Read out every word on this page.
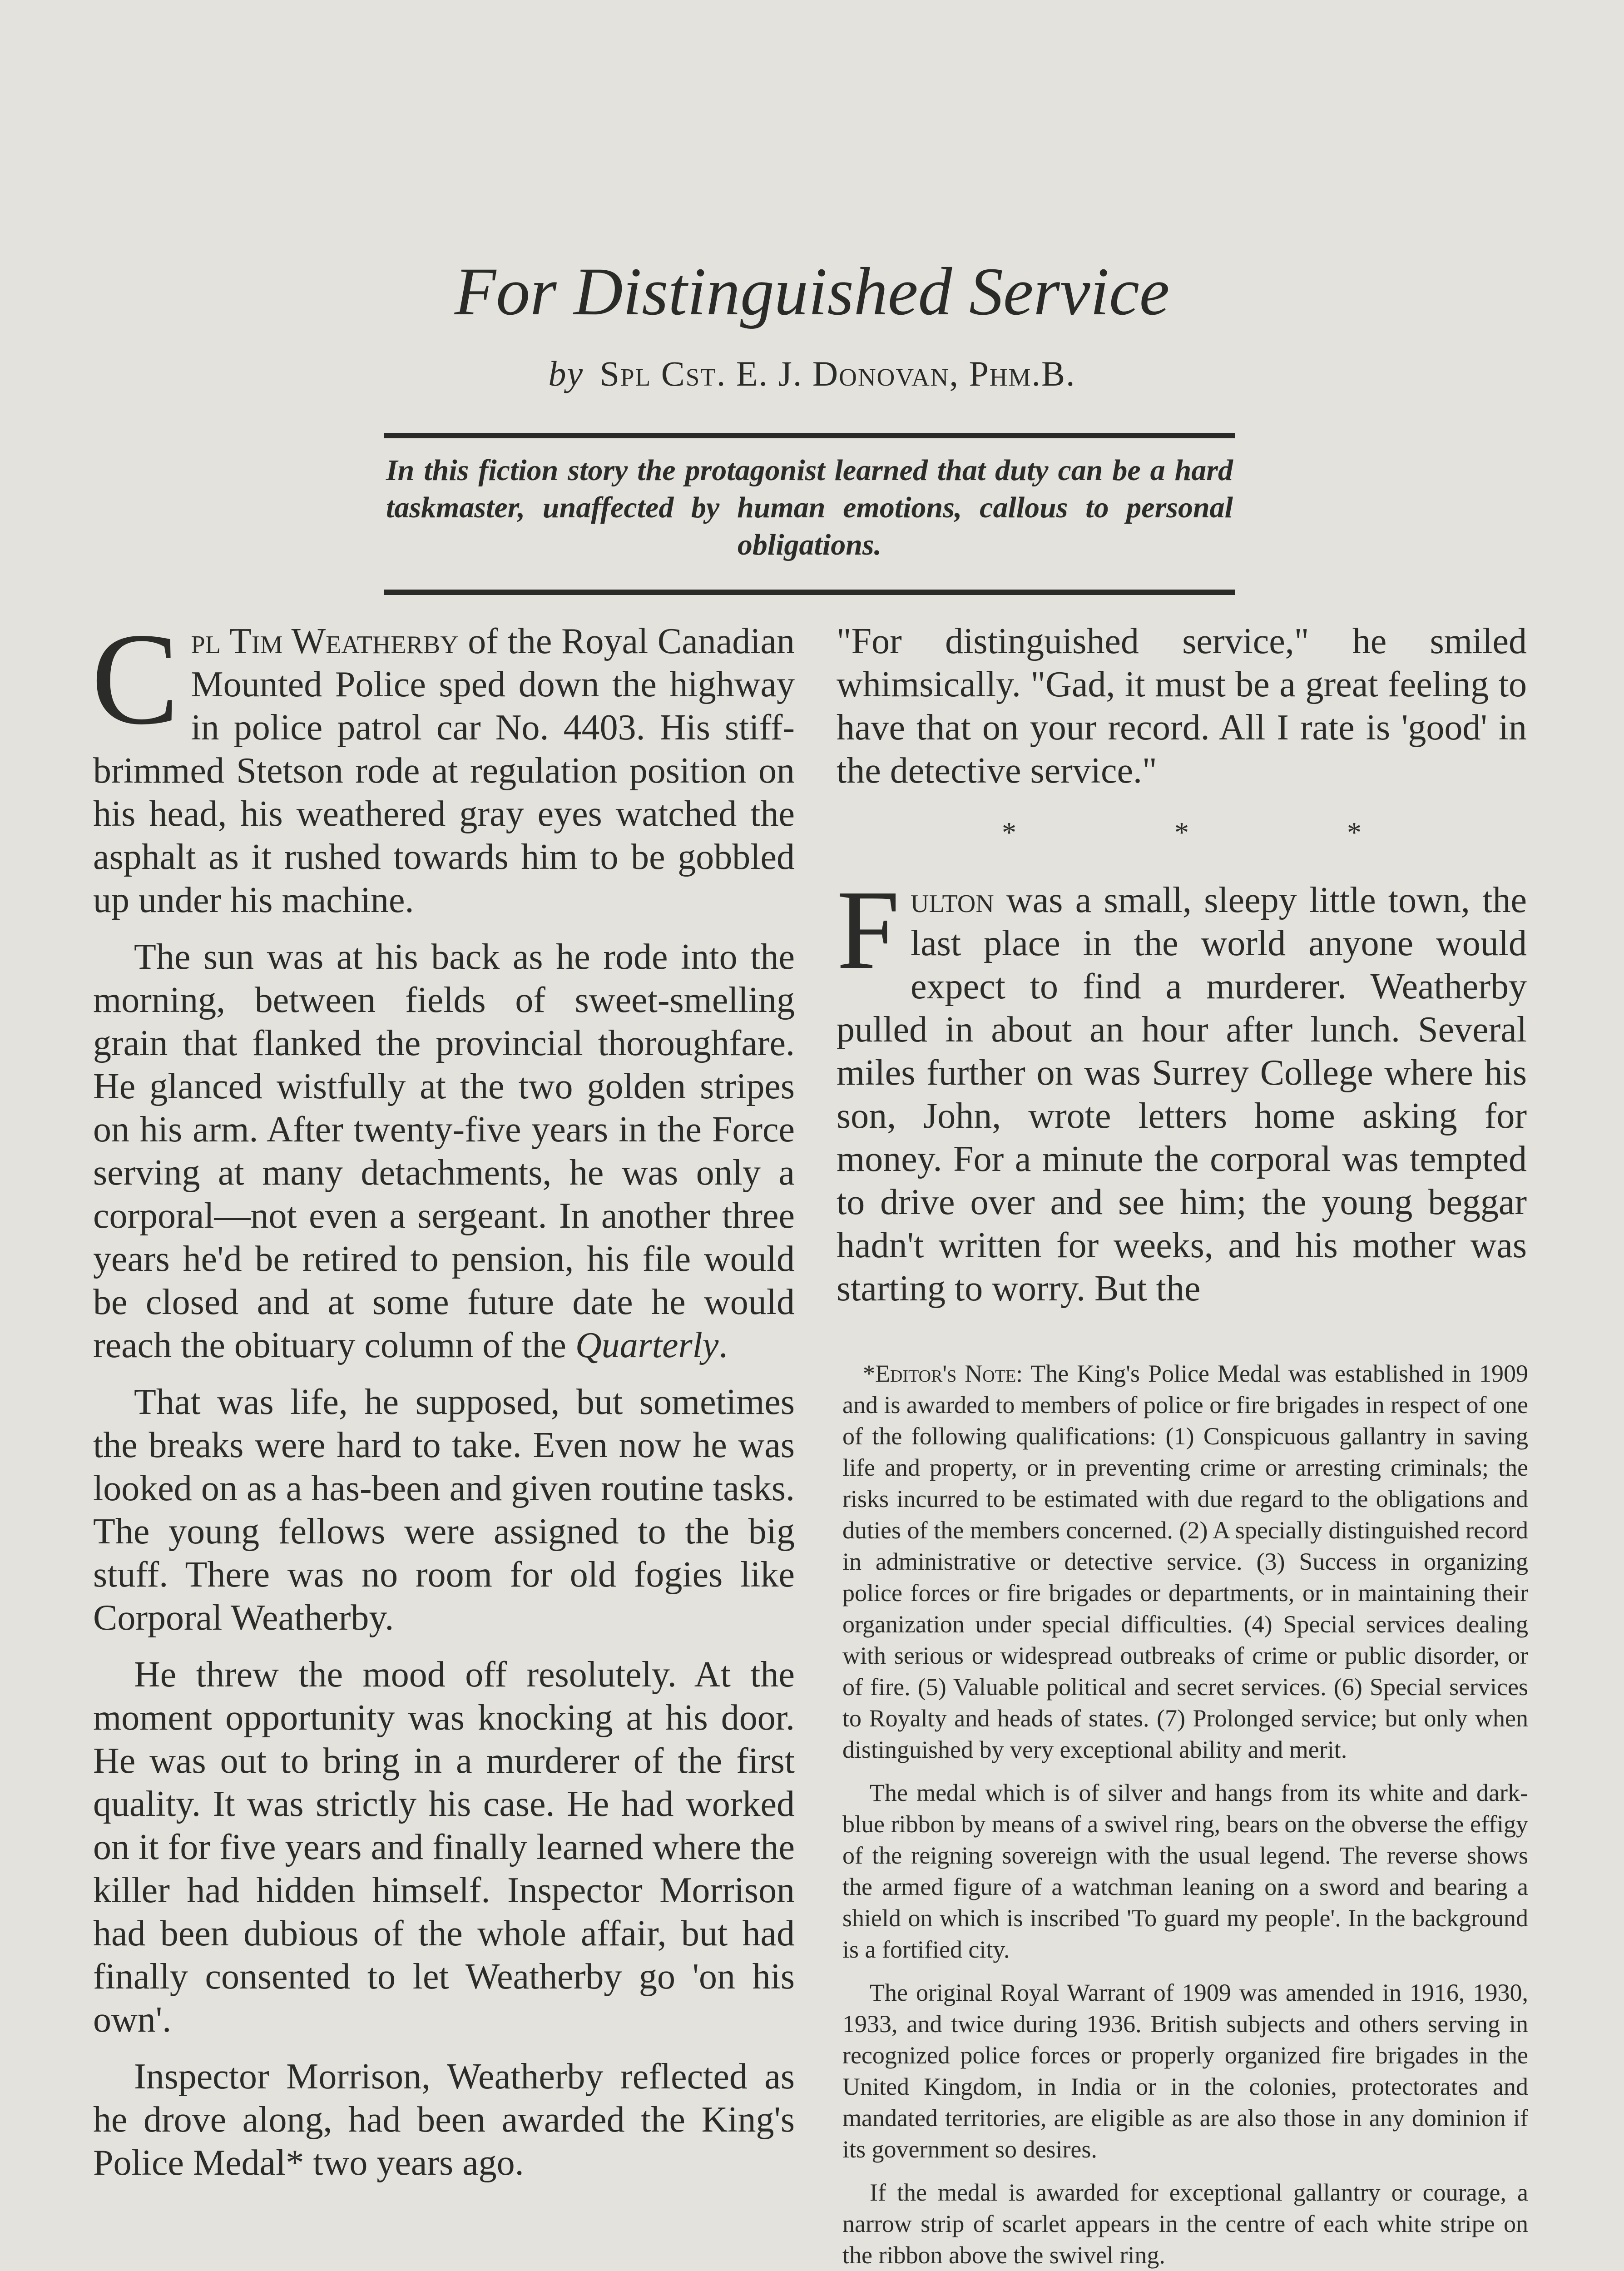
For Distinguished Service
by Spl Cst. E. J. Donovan, Phm.B.
In this fiction story the protagonist learned that duty can be a hard taskmaster, unaffected by human emotions, callous to personal obligations.

Cpl Tim Weatherby of the Royal Canadian Mounted Police sped down the highway in police patrol car No. 4403. His stiff-brimmed Stetson rode at regulation position on his head, his weathered gray eyes watched the asphalt as it rushed towards him to be gobbled up under his machine.

The sun was at his back as he rode into the morning, between fields of sweet-smelling grain that flanked the provincial thoroughfare. He glanced wistfully at the two golden stripes on his arm. After twenty-five years in the Force serving at many detachments, he was only a corporal—not even a sergeant. In another three years he'd be retired to pension, his file would be closed and at some future date he would reach the obituary column of the Quarterly.

That was life, he supposed, but sometimes the breaks were hard to take. Even now he was looked on as a has-been and given routine tasks. The young fellows were assigned to the big stuff. There was no room for old fogies like Corporal Weatherby.

He threw the mood off resolutely. At the moment opportunity was knocking at his door. He was out to bring in a murderer of the first quality. It was strictly his case. He had worked on it for five years and finally learned where the killer had hidden himself. Inspector Morrison had been dubious of the whole affair, but had finally consented to let Weatherby go 'on his own'.

Inspector Morrison, Weatherby reflected as he drove along, had been awarded the King's Police Medal* two years ago.

"For distinguished service," he smiled whimsically. "Gad, it must be a great feeling to have that on your record. All I rate is 'good' in the detective service."

*	*	*

Fulton was a small, sleepy little town, the last place in the world anyone would expect to find a murderer. Weatherby pulled in about an hour after lunch. Several miles further on was Surrey College where his son, John, wrote letters home asking for money. For a minute the corporal was tempted to drive over and see him; the young beggar hadn't written for weeks, and his mother was starting to worry. But the

*Editor's Note: The King's Police Medal was established in 1909 and is awarded to members of police or fire brigades in respect of one of the following qualifications: (1) Conspicuous gallantry in saving life and property, or in preventing crime or arresting criminals; the risks incurred to be estimated with due regard to the obligations and duties of the members concerned. (2) A specially distinguished record in administrative or detective service. (3) Success in organizing police forces or fire brigades or departments, or in maintaining their organization under special difficulties. (4) Special services dealing with serious or widespread outbreaks of crime or public disorder, or of fire. (5) Valuable political and secret services. (6) Special services to Royalty and heads of states. (7) Prolonged service; but only when distinguished by very exceptional ability and merit.

The medal which is of silver and hangs from its white and dark-blue ribbon by means of a swivel ring, bears on the obverse the effigy of the reigning sovereign with the usual legend. The reverse shows the armed figure of a watchman leaning on a sword and bearing a shield on which is inscribed 'To guard my people'. In the background is a fortified city.

The original Royal Warrant of 1909 was amended in 1916, 1930, 1933, and twice during 1936. British subjects and others serving in recognized police forces or properly organized fire brigades in the United Kingdom, in India or in the colonies, protectorates and mandated territories, are eligible as are also those in any dominion if its government so desires.

If the medal is awarded for exceptional gallantry or courage, a narrow strip of scarlet appears in the centre of each white stripe on the ribbon above the swivel ring.
